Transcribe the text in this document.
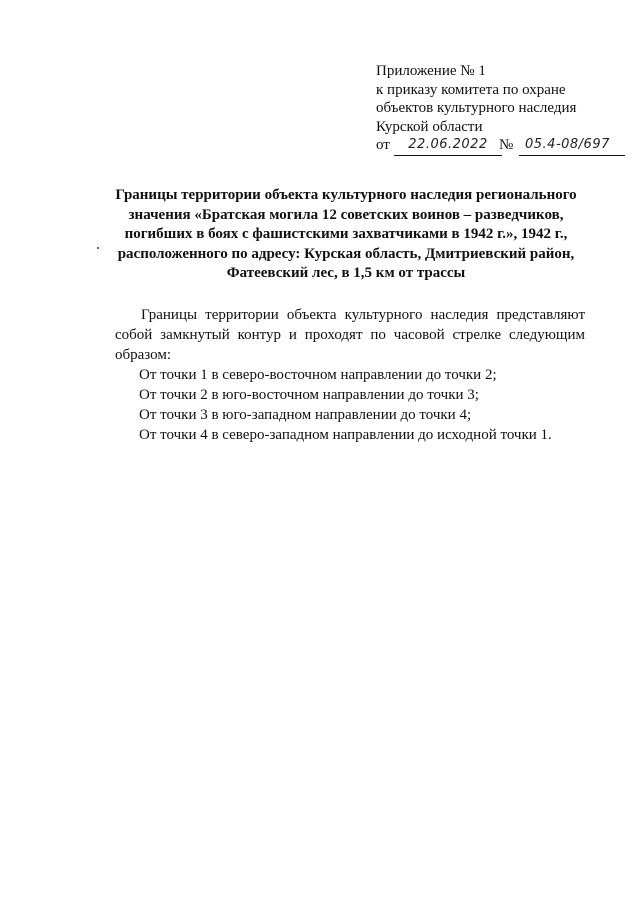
Приложение № 1
к приказу комитета по охране
объектов культурного наследия
Курской области
от	22.06.2022 № 05.4-08/697
Границы территории объекта культурного наследия регионального
значения «Братская могила 12 советских воинов – разведчиков,
погибших в боях с фашистскими захватчиками в 1942 г.», 1942 г.,
расположенного по адресу: Курская область, Дмитриевский район,
Фатеевский лес, в 1,5 км от трассы

Границы территории объекта культурного наследия представляют собой замкнутый контур и проходят по часовой стрелке следующим образом:

От точки 1 в северо-восточном направлении до точки 2;

От точки 2 в юго-восточном направлении до точки 3;

От точки 3 в юго-западном направлении до точки 4;

От точки 4 в северо-западном направлении до исходной точки 1.
